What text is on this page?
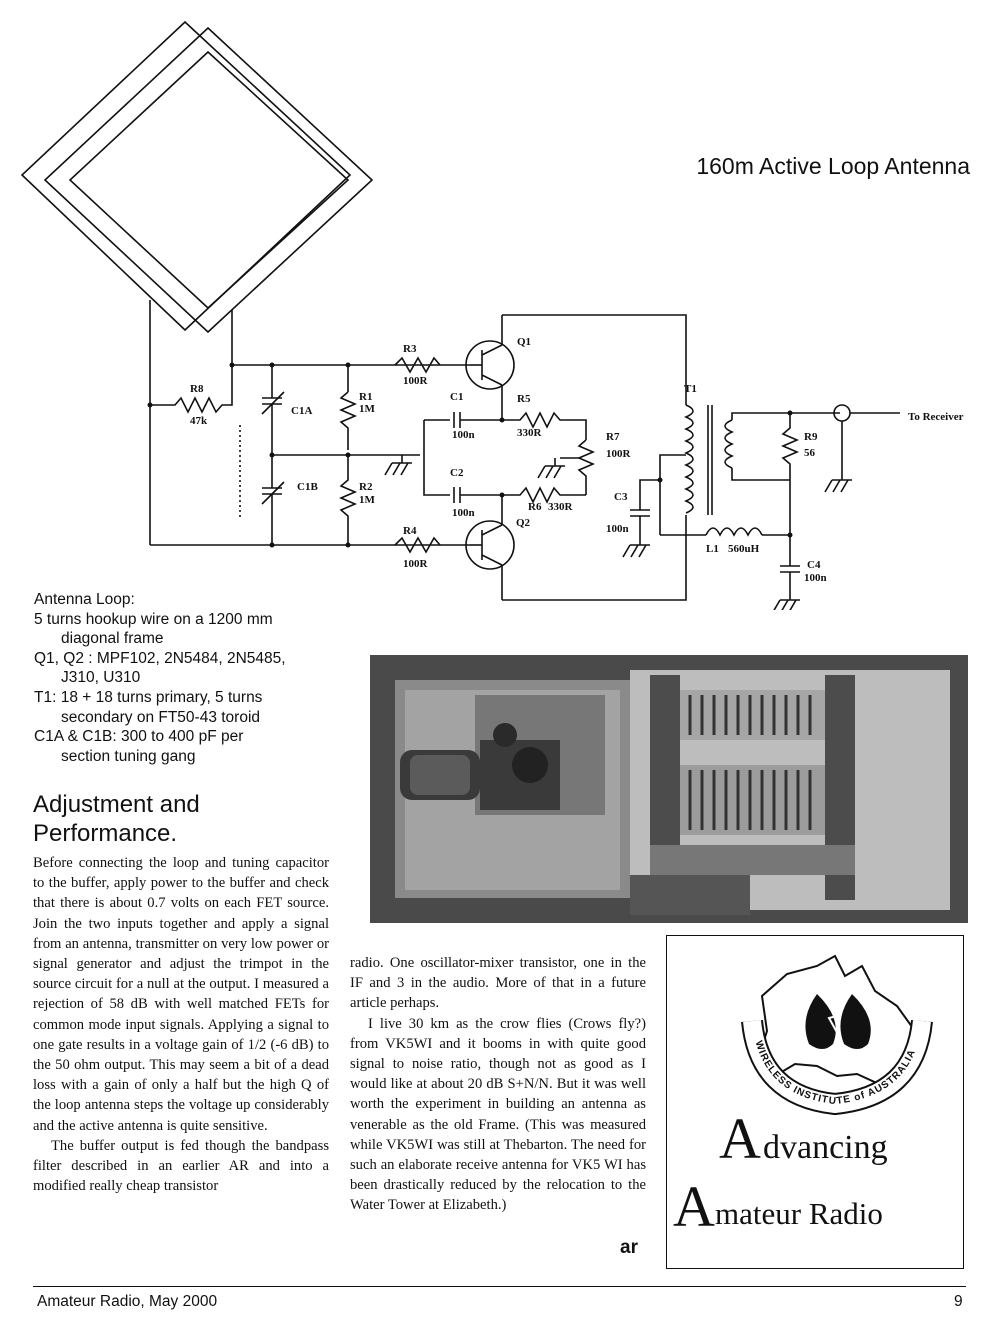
R3
100R
Q1
R8
47k
C1A
R1
1M
C1
100n
R5
330R	R7
100R
T1
R9
56
To Receiver
C1B	R2
1M
C2
100n	R6 330R
C3
100n
R4
100R
Q2
L1 560uH
C4
100n
160m Active Loop Antenna
Antenna Loop:
5 turns hookup wire on a 1200 mm
diagonal frame
Q1, Q2 : MPF102, 2N5484, 2N5485,
J310, U310
T1: 18 + 18 turns primary, 5 turns
secondary on FT50-43 toroid
C1A & C1B: 300 to 400 pF per
section tuning gang
Adjustment and
Performance.

Before connecting the loop and tuning capacitor to the buffer, apply power to the buffer and check that there is about 0.7 volts on each FET source. Join the two inputs together and apply a signal from an antenna, transmitter on very low power or signal generator and adjust the trimpot in the source circuit for a null at the output. I measured a rejection of 58 dB with well matched FETs for common mode input signals. Applying a signal to one gate results in a voltage gain of 1/2 (-6 dB) to the 50 ohm output. This may seem a bit of a dead loss with a gain of only a half but the high Q of the loop antenna steps the voltage up considerably and the active antenna is quite sensitive.

The buffer output is fed though the bandpass filter described in an earlier AR and into a modified really cheap transistor

radio. One oscillator-mixer transistor, one in the IF and 3 in the audio. More of that in a future article perhaps.

I live 30 km as the crow flies (Crows fly?) from VK5WI and it booms in with quite good signal to noise ratio, though not as good as I would like at about 20 dB S+N/N. But it was well worth the experiment in building an antenna as venerable as the old Frame. (This was measured while VK5WI was still at Thebarton. The need for such an elaborate receive antenna for VK5 WI has been drastically reduced by the relocation to the Water Tower at Elizabeth.)

ar
WIRELESS INSTITUTE of AUSTRALIA
A dvancing
A mateur Radio
Amateur Radio, May 2000	9
